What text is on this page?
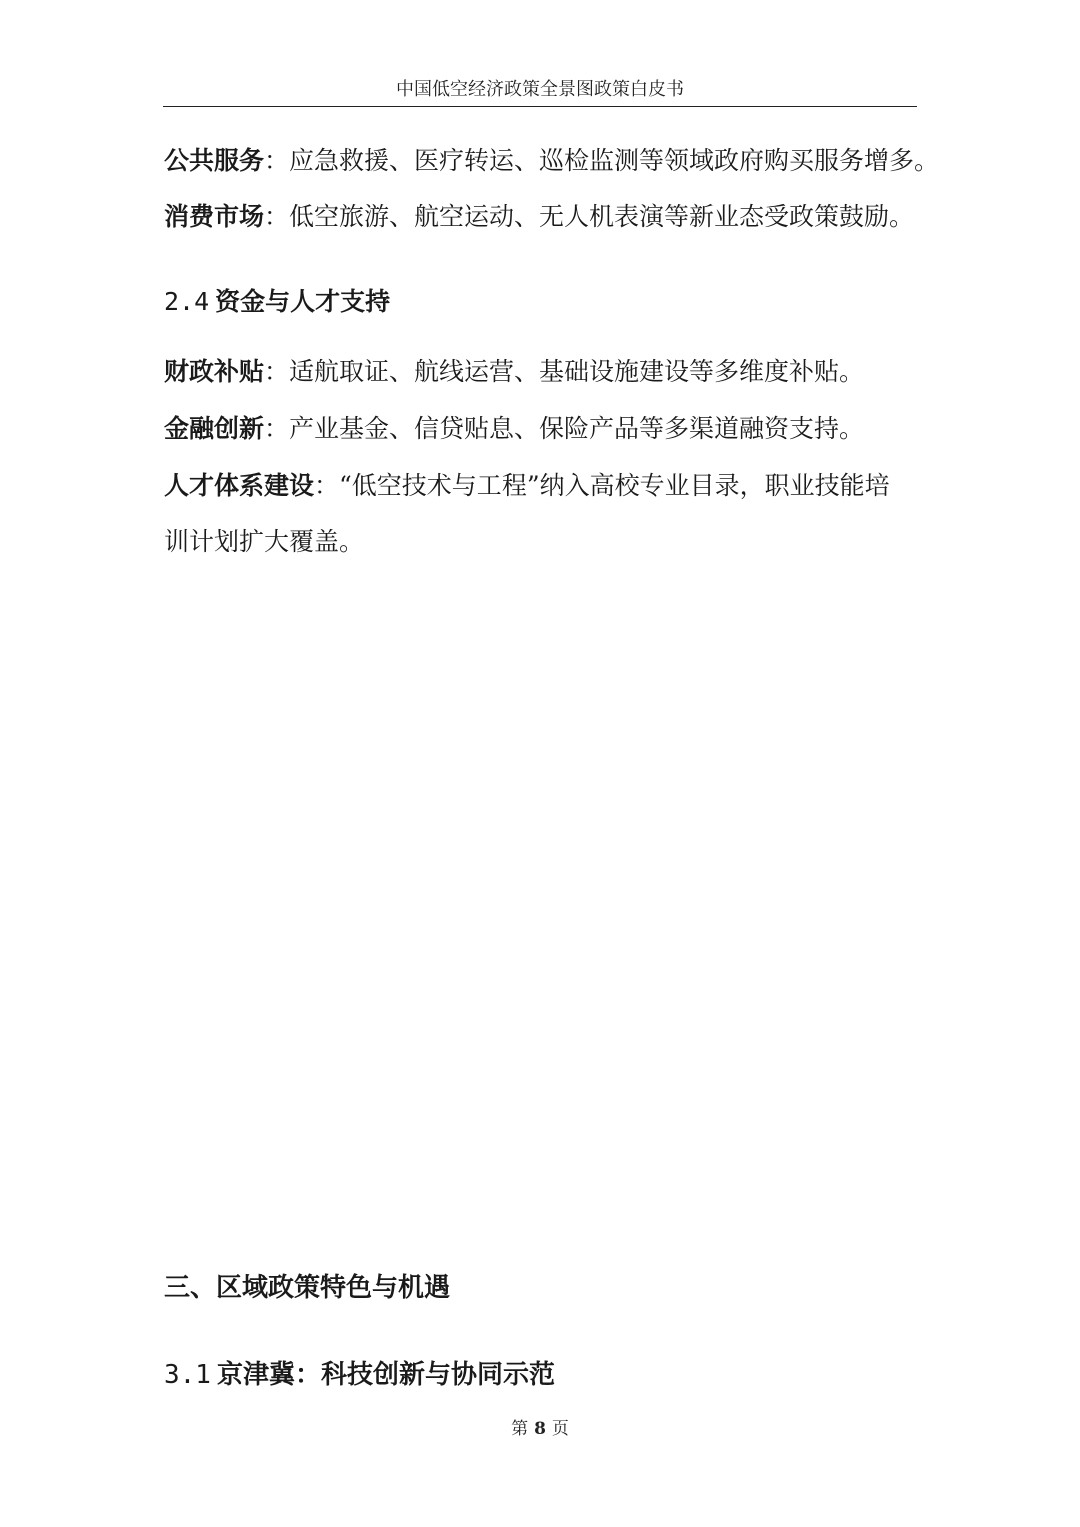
中国低空经济政策全景图政策白皮书
公共服务：应急救援、医疗转运、巡检监测等领域政府购买服务增多。
消费市场：低空旅游、航空运动、无人机表演等新业态受政策鼓励。
2.4 资金与人才支持
财政补贴：适航取证、航线运营、基础设施建设等多维度补贴。
金融创新：产业基金、信贷贴息、保险产品等多渠道融资支持。
人才体系建设：“低空技术与工程”纳入高校专业目录，职业技能培
训计划扩大覆盖。
三、区域政策特色与机遇
3.1 京津冀：科技创新与协同示范
第 8 页
